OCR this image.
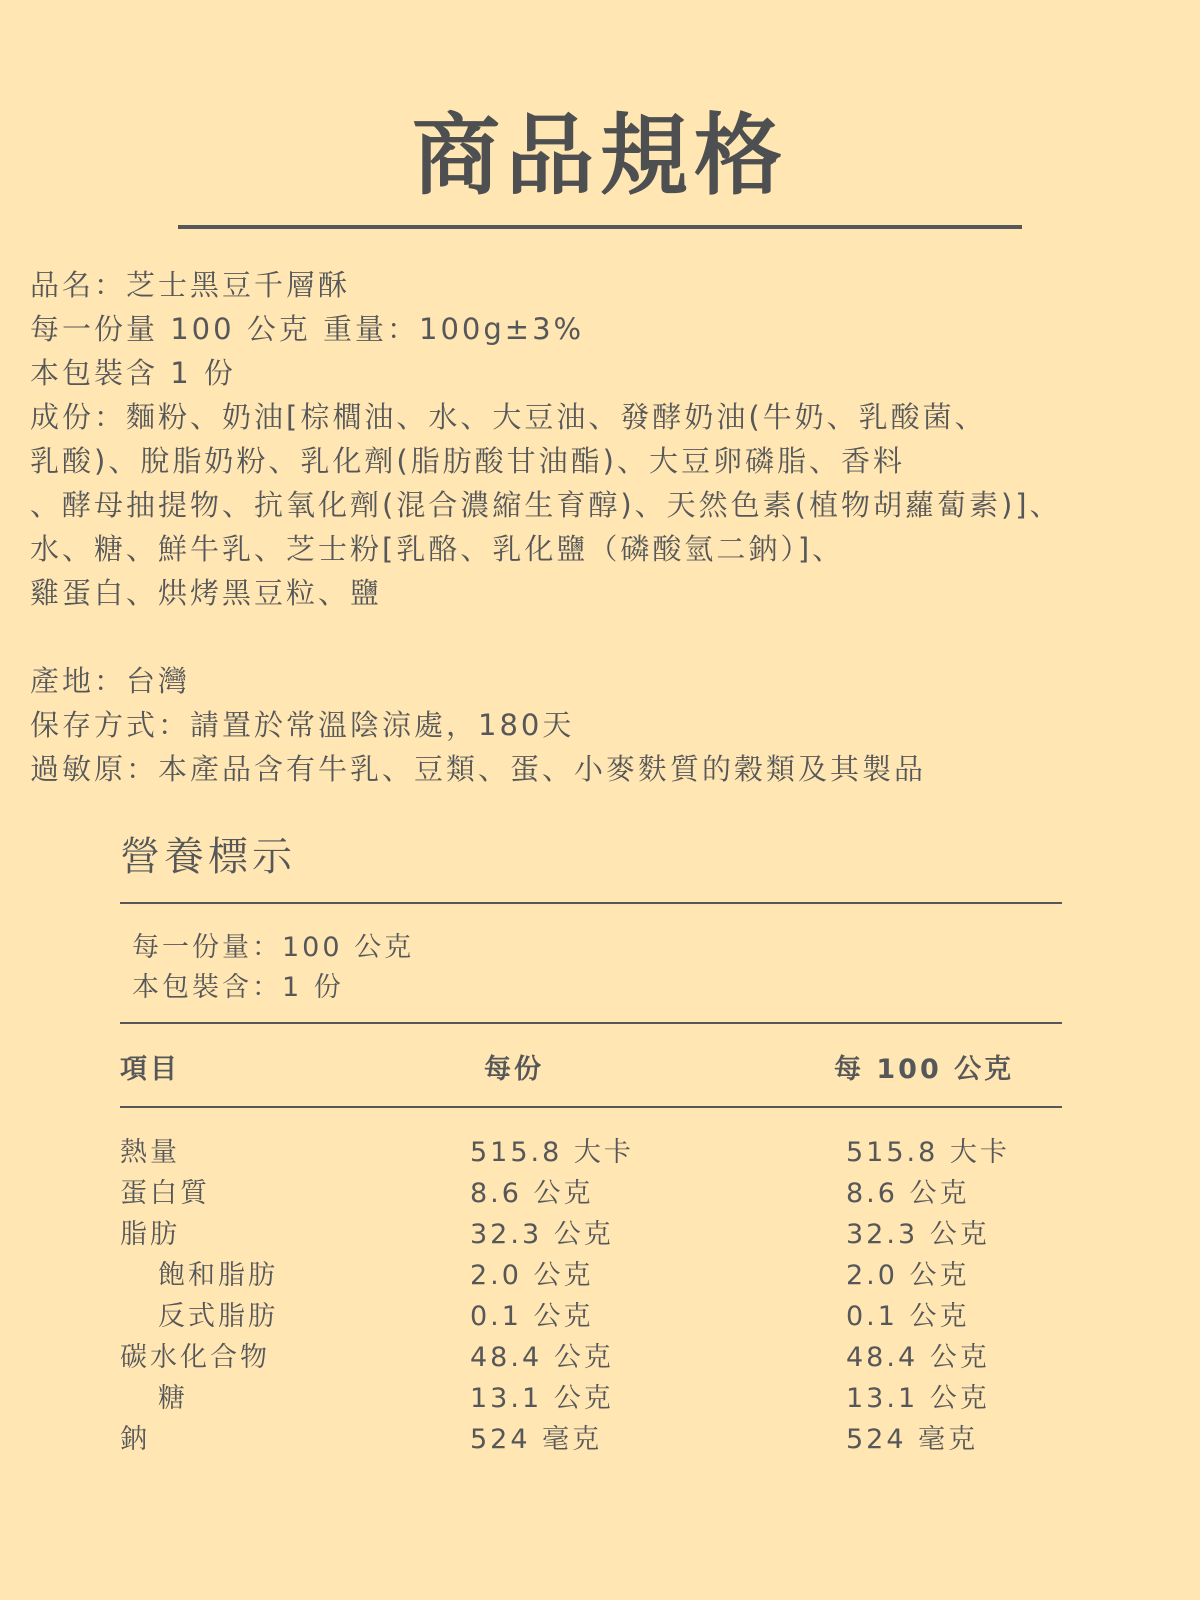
商品規格
品名：芝士黑豆千層酥
每一份量 100 公克 重量：100g±3%
本包裝含 1 份
成份：麵粉、奶油[棕櫚油、水、大豆油、發酵奶油(牛奶、乳酸菌、
乳酸)、脫脂奶粉、乳化劑(脂肪酸甘油酯)、大豆卵磷脂、香料
、酵母抽提物、抗氧化劑(混合濃縮生育醇)、天然色素(植物胡蘿蔔素)]、
水、糖、鮮牛乳、芝士粉[乳酪、乳化鹽（磷酸氫二鈉）]、
雞蛋白、烘烤黑豆粒、鹽
產地：台灣
保存方式：請置於常溫陰涼處，180天
過敏原：本產品含有牛乳、豆類、蛋、小麥麩質的穀類及其製品
營養標示
每一份量：100 公克
本包裝含：1 份
項目	每份	每 100 公克
熱量	515.8 大卡	515.8 大卡
蛋白質	8.6 公克	8.6 公克
脂肪	32.3 公克	32.3 公克
飽和脂肪	2.0 公克	2.0 公克
反式脂肪	0.1 公克	0.1 公克
碳水化合物	48.4 公克	48.4 公克
糖	13.1 公克	13.1 公克
鈉	524 毫克	524 毫克
